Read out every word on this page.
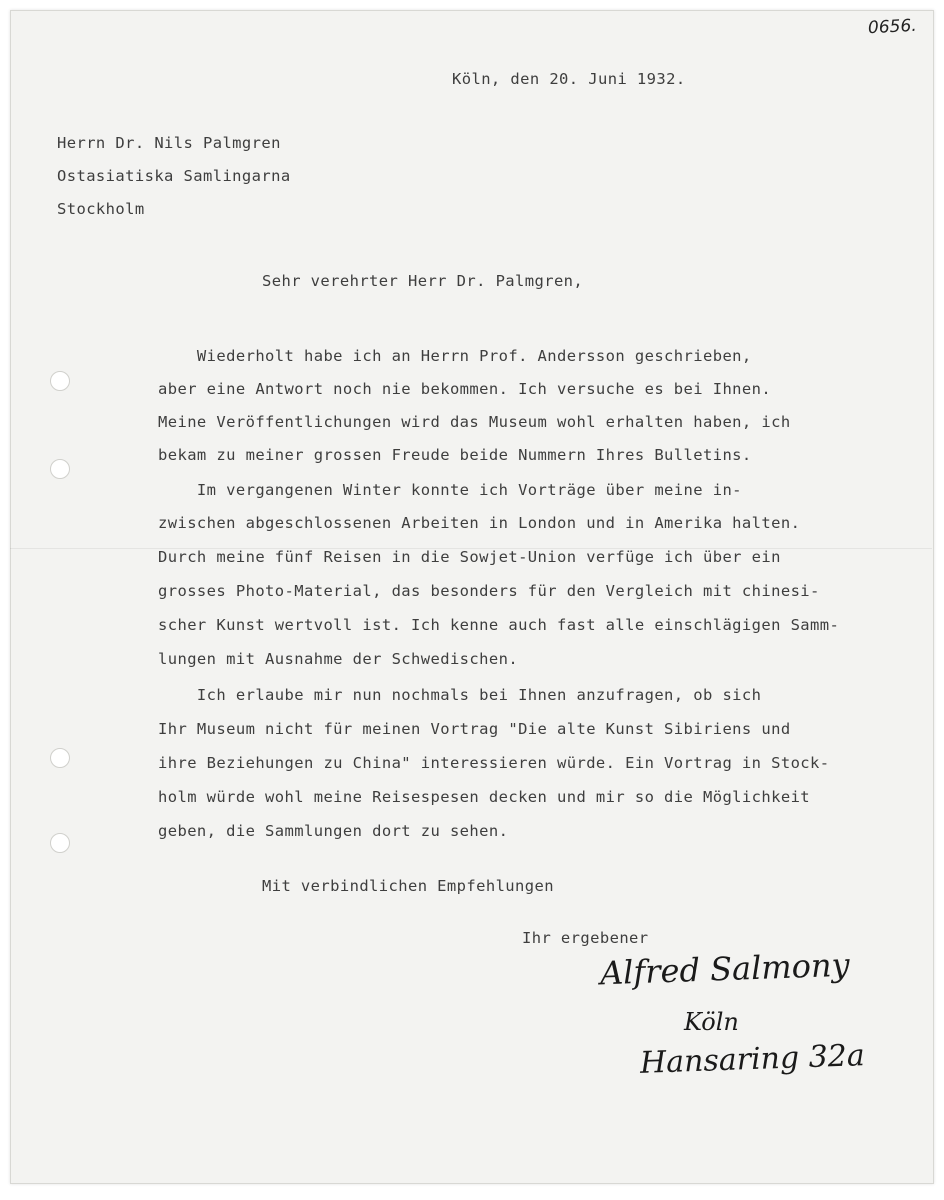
0656.
Köln, den 20. Juni 1932.
Herrn Dr. Nils Palmgren
Ostasiatiska Samlingarna
Stockholm
Sehr verehrter Herr Dr. Palmgren,
Wiederholt habe ich an Herrn Prof. Andersson geschrieben,
aber eine Antwort noch nie bekommen. Ich versuche es bei Ihnen.
Meine Veröffentlichungen wird das Museum wohl erhalten haben, ich
bekam zu meiner grossen Freude beide Nummern Ihres Bulletins.
Im vergangenen Winter konnte ich Vorträge über meine in-
zwischen abgeschlossenen Arbeiten in London und in Amerika halten.
Durch meine fünf Reisen in die Sowjet-Union verfüge ich über ein
grosses Photo-Material, das besonders für den Vergleich mit chinesi-
scher Kunst wertvoll ist. Ich kenne auch fast alle einschlägigen Samm-
lungen mit Ausnahme der Schwedischen.
Ich erlaube mir nun nochmals bei Ihnen anzufragen, ob sich
Ihr Museum nicht für meinen Vortrag "Die alte Kunst Sibiriens und
ihre Beziehungen zu China" interessieren würde. Ein Vortrag in Stock-
holm würde wohl meine Reisespesen decken und mir so die Möglichkeit
geben, die Sammlungen dort zu sehen.
Mit verbindlichen Empfehlungen
Ihr ergebener
Alfred Salmony
Köln
Hansaring 32a
